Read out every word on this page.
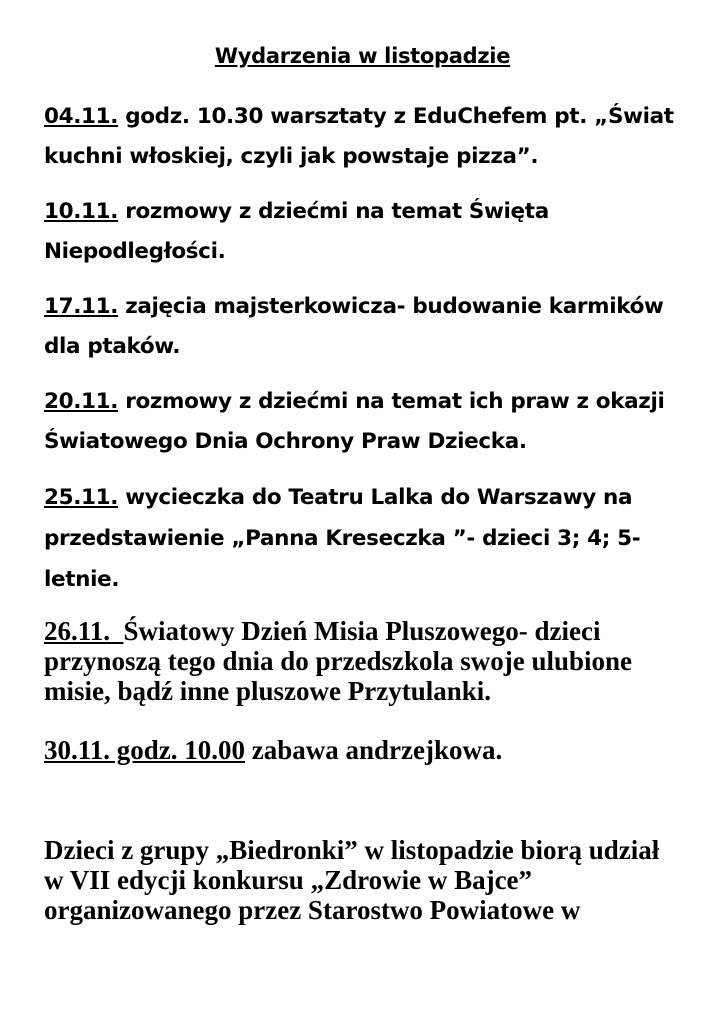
Wydarzenia w listopadzie
04.11. godz. 10.30 warsztaty z EduChefem pt. „Świat kuchni włoskiej, czyli jak powstaje pizza”.
10.11. rozmowy z dziećmi na temat Święta Niepodległości.
17.11. zajęcia majsterkowicza- budowanie karmików dla ptaków.
20.11. rozmowy z dziećmi na temat ich praw z okazji Światowego Dnia Ochrony Praw Dziecka.
25.11. wycieczka do Teatru Lalka do Warszawy na przedstawienie „Panna Kreseczka ”- dzieci 3; 4; 5-letnie.
26.11.  Światowy Dzień Misia Pluszowego- dzieci przynoszą tego dnia do przedszkola swoje ulubione misie, bądź inne pluszowe Przytulanki.
30.11. godz. 10.00 zabawa andrzejkowa.
Dzieci z grupy „Biedronki” w listopadzie biorą udział w VII edycji konkursu „Zdrowie w Bajce” organizowanego przez Starostwo Powiatowe w
